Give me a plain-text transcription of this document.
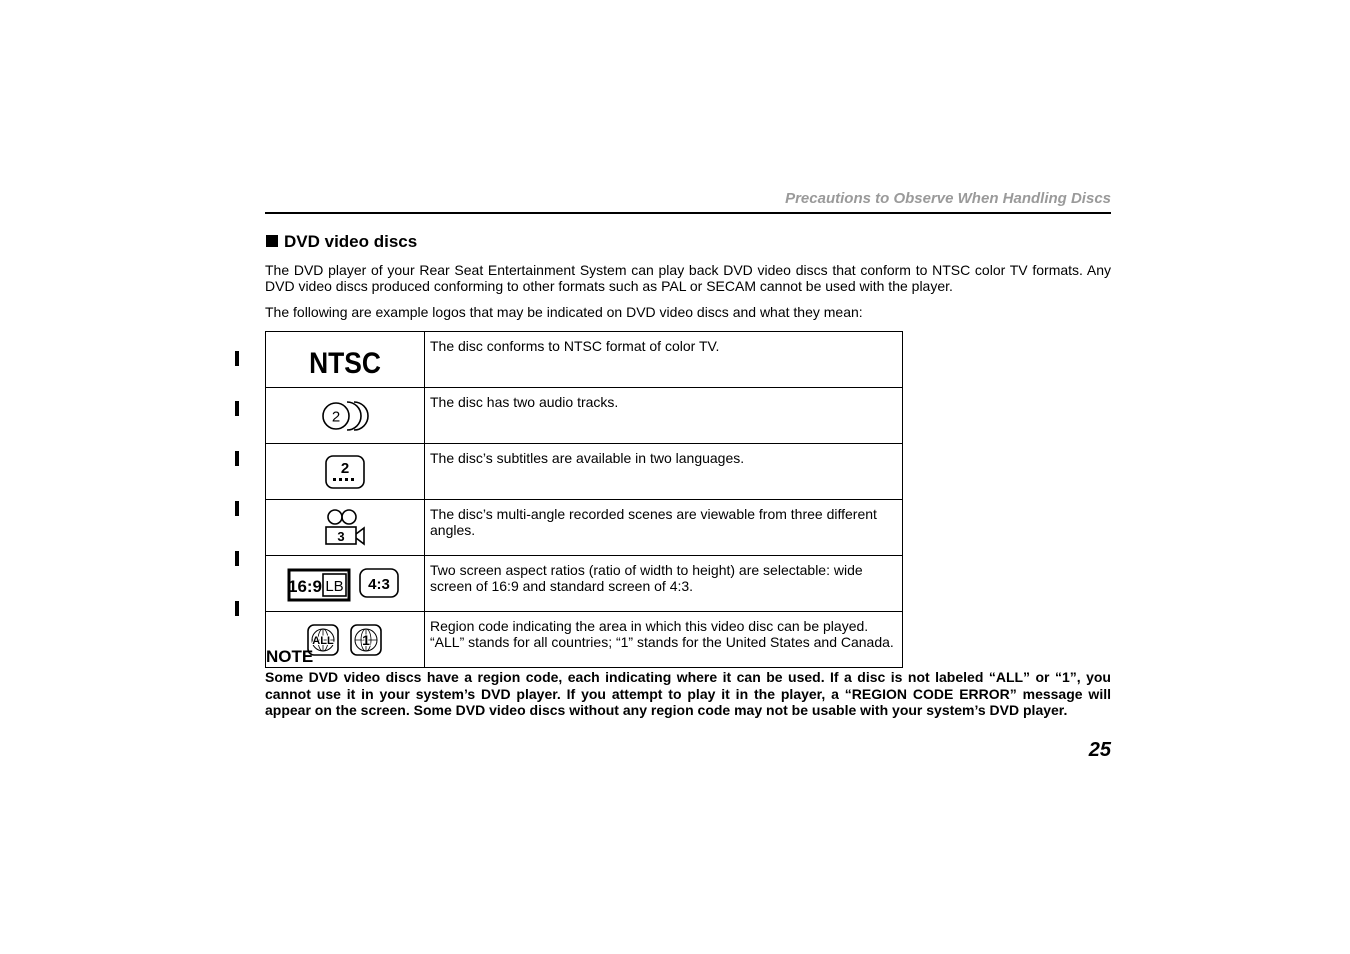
Precautions to Observe When Handling Discs
DVD video discs

The DVD player of your Rear Seat Entertainment System can play back DVD video discs that conform to NTSC color TV formats. Any DVD video discs produced conforming to other formats such as PAL or SECAM cannot be used with the player.

The following are example logos that may be indicated on DVD video discs and what they mean:

NTSC	The disc conforms to NTSC format of color TV.

2	The disc has two audio tracks.

2	The disc’s subtitles are available in two languages.

3	The disc’s multi-angle recorded scenes are viewable from three different angles.

16:9 LB 4:3	Two screen aspect ratios (ratio of width to height) are selectable: wide screen of 16:9 and standard screen of 4:3.

ALL 1	Region code indicating the area in which this video disc can be played. “ALL” stands for all countries; “1” stands for the United States and Canada.
NOTE

Some DVD video discs have a region code, each indicating where it can be used. If a disc is not labeled “ALL” or “1”, you cannot use it in your system’s DVD player. If you attempt to play it in the player, a “REGION CODE ERROR” message will appear on the screen. Some DVD video discs without any region code may not be usable with your system’s DVD player.

25
